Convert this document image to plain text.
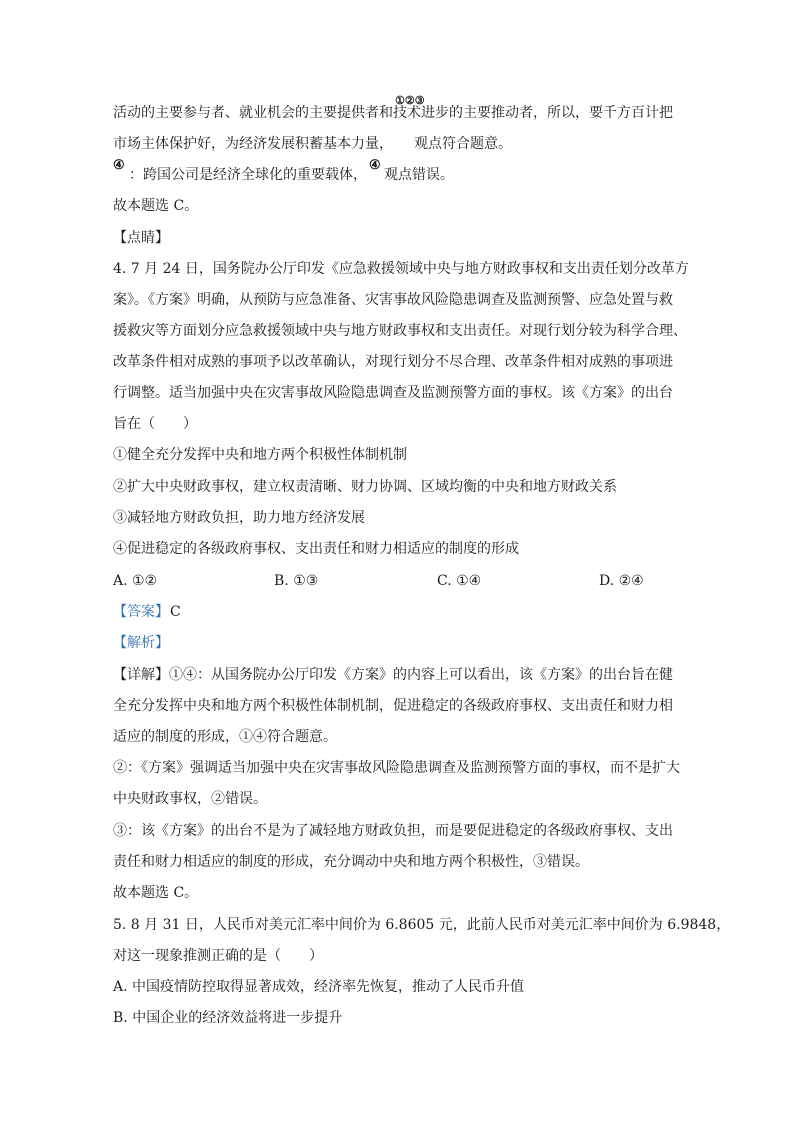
①②③
活动的主要参与者、就业机会的主要提供者和技术进步的主要推动者，所以，要千方百计把
市场主体保护好，为经济发展积蓄基本力量， 观点符合题意。
④
：跨国公司是经济全球化的重要载体，
④
观点错误。
故本题选 C。
【点睛】
4. 7 月 24 日，国务院办公厅印发《应急救援领域中央与地方财政事权和支出责任划分改革方
案》。《方案》明确，从预防与应急准备、灾害事故风险隐患调查及监测预警、应急处置与救
援救灾等方面划分应急救援领域中央与地方财政事权和支出责任。对现行划分较为科学合理、
改革条件相对成熟的事项予以改革确认，对现行划分不尽合理、改革条件相对成熟的事项进
行调整。适当加强中央在灾害事故风险隐患调查及监测预警方面的事权。该《方案》的出台
旨在（　　）
①健全充分发挥中央和地方两个积极性体制机制
②扩大中央财政事权，建立权责清晰、财力协调、区域均衡的中央和地方财政关系
③减轻地方财政负担，助力地方经济发展
④促进稳定的各级政府事权、支出责任和财力相适应的制度的形成
A. ①②	B. ①③	C. ①④	D. ②④
【答案】 C
【解析】
【详解】①④：从国务院办公厅印发《方案》的内容上可以看出，该《方案》的出台旨在健
全充分发挥中央和地方两个积极性体制机制，促进稳定的各级政府事权、支出责任和财力相
适应的制度的形成，①④符合题意。
②：《方案》强调适当加强中央在灾害事故风险隐患调查及监测预警方面的事权，而不是扩大
中央财政事权，②错误。
③：该《方案》的出台不是为了减轻地方财政负担，而是要促进稳定的各级政府事权、支出
责任和财力相适应的制度的形成，充分调动中央和地方两个积极性，③错误。
故本题选 C。
5. 8 月 31 日，人民币对美元汇率中间价为 6.8605 元，此前人民币对美元汇率中间价为 6.9848，
对这一现象推测正确的是（　　）
A. 中国疫情防控取得显著成效，经济率先恢复，推动了人民币升值
B. 中国企业的经济效益将进一步提升
